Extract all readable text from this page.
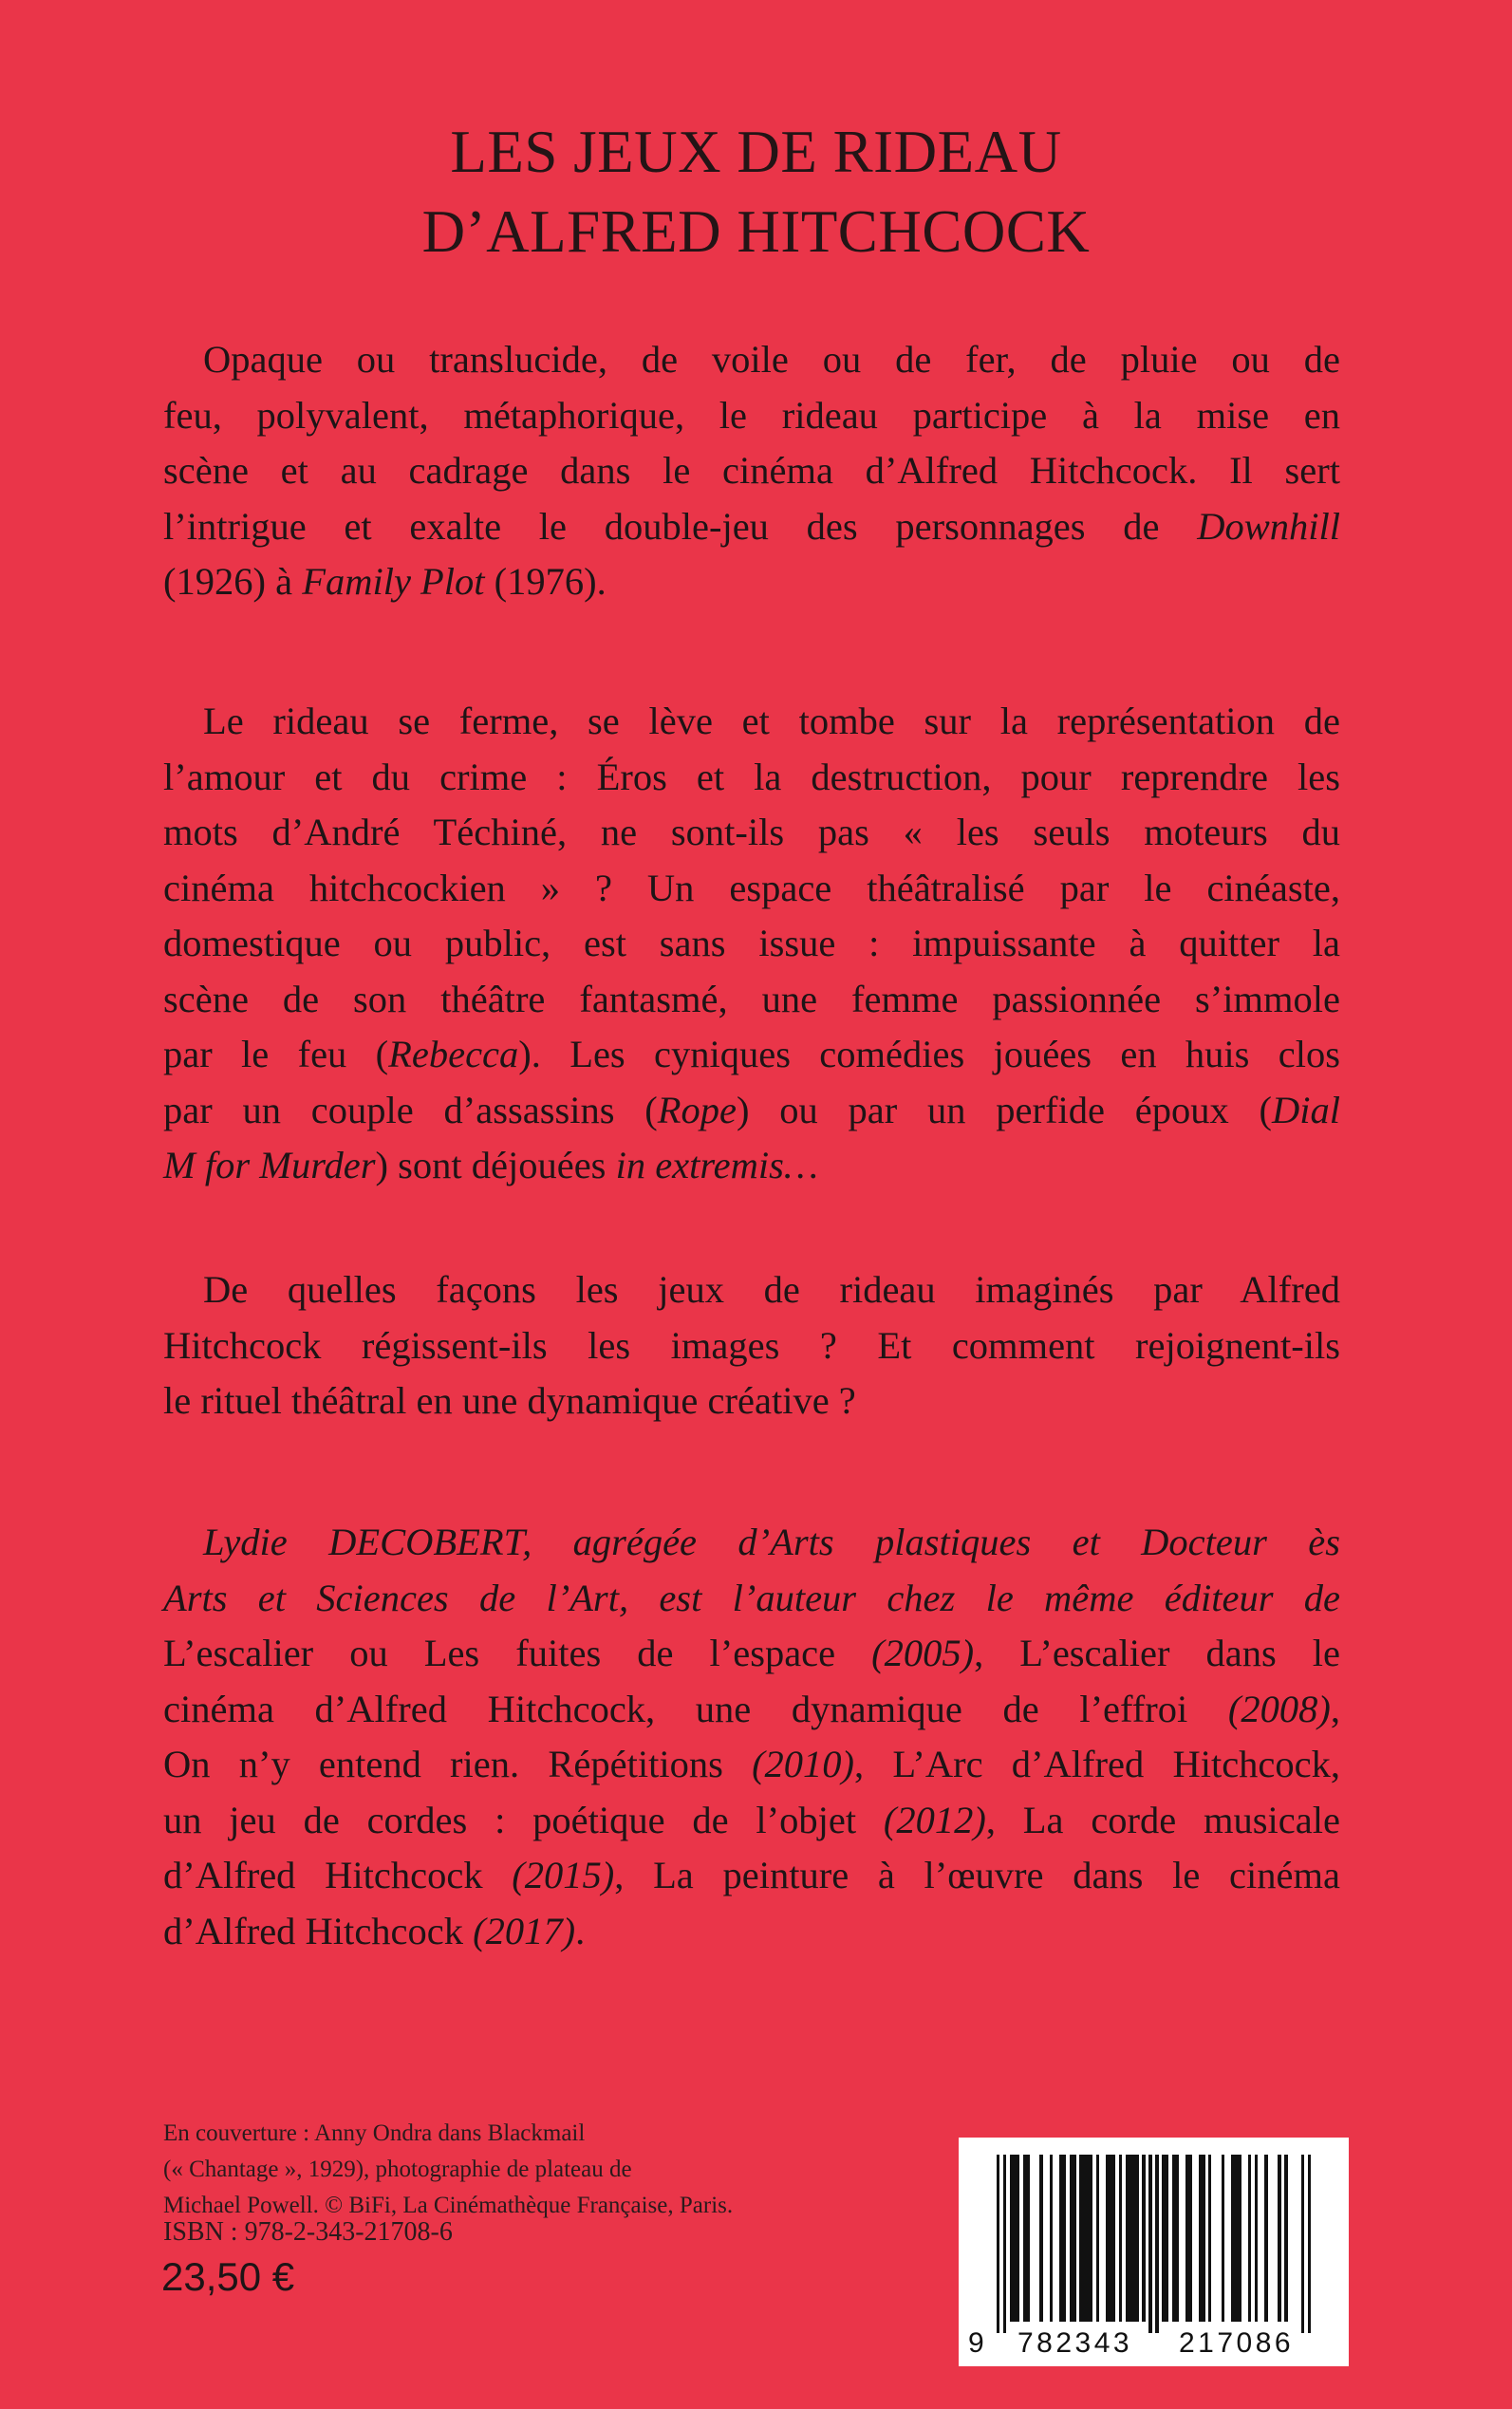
LES JEUX DE RIDEAU
D’ALFRED HITCHCOCK
Opaque ou translucide, de voile ou de fer, de pluie ou de
feu, polyvalent, métaphorique, le rideau participe à la mise en
scène et au cadrage dans le cinéma d’Alfred Hitchcock. Il sert
l’intrigue et exalte le double-jeu des personnages de Downhill
(1926) à Family Plot (1976).
Le rideau se ferme, se lève et tombe sur la représentation de
l’amour et du crime : Éros et la destruction, pour reprendre les
mots d’André Téchiné, ne sont-ils pas « les seuls moteurs du
cinéma hitchcockien » ? Un espace théâtralisé par le cinéaste,
domestique ou public, est sans issue : impuissante à quitter la
scène de son théâtre fantasmé, une femme passionnée s’immole
par le feu (Rebecca). Les cyniques comédies jouées en huis clos
par un couple d’assassins (Rope) ou par un perfide époux (Dial
M for Murder) sont déjouées in extremis…
De quelles façons les jeux de rideau imaginés par Alfred
Hitchcock régissent-ils les images ? Et comment rejoignent-ils
le rituel théâtral en une dynamique créative ?
Lydie DECOBERT, agrégée d’Arts plastiques et Docteur ès
Arts et Sciences de l’Art, est l’auteur chez le même éditeur de
L’escalier ou Les fuites de l’espace (2005), L’escalier dans le
cinéma d’Alfred Hitchcock, une dynamique de l’effroi (2008),
On n’y entend rien. Répétitions (2010), L’Arc d’Alfred Hitchcock,
un jeu de cordes : poétique de l’objet (2012), La corde musicale
d’Alfred Hitchcock (2015), La peinture à l’œuvre dans le cinéma
d’Alfred Hitchcock (2017).
En couverture : Anny Ondra dans Blackmail
(« Chantage », 1929), photographie de plateau de
Michael Powell. © BiFi, La Cinémathèque Française, Paris.
ISBN : 978-2-343-21708-6
23,50 €
9 782343 217086
